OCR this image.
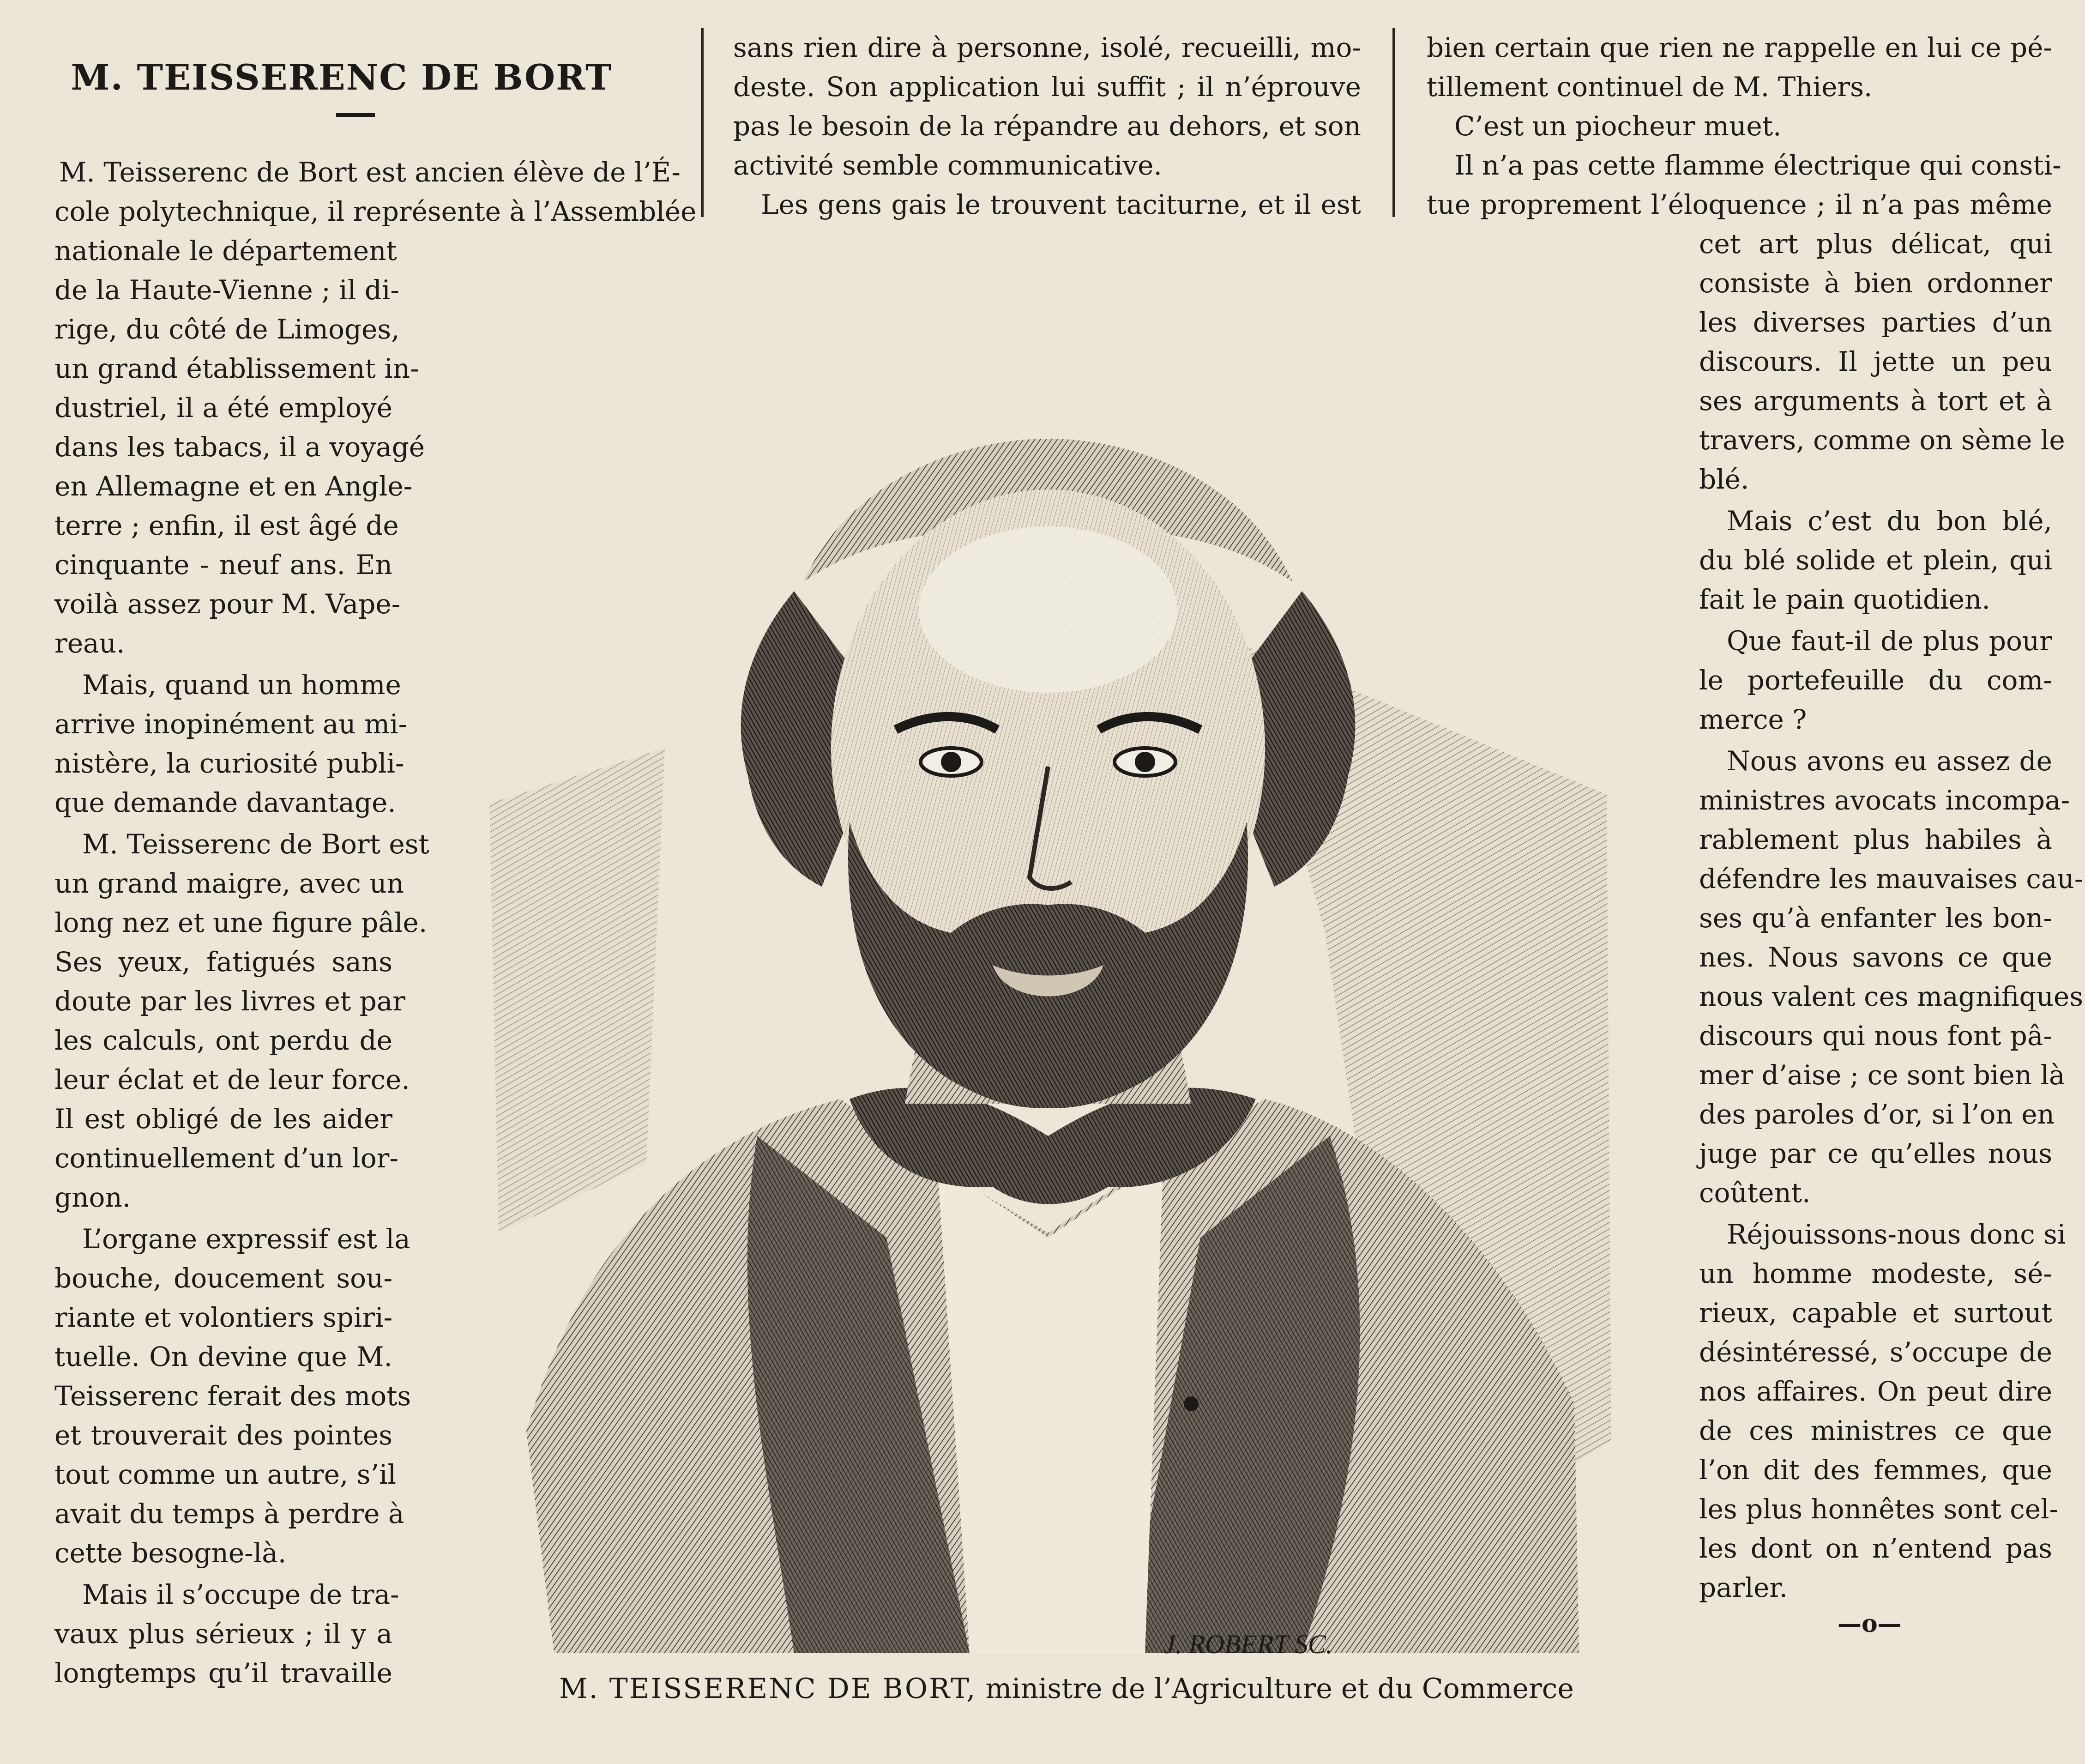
M. TEISSERENC DE BORT

M. Teisserenc de Bort est ancien élève de l’É-

cole polytechnique, il représente à l’Assemblée

nationale le département

de la Haute-Vienne ; il di-

rige, du côté de Limoges,

un grand établissement in-

dustriel, il a été employé

dans les tabacs, il a voyagé

en Allemagne et en Angle-

terre ; enfin, il est âgé de

cinquante - neuf ans. En

voilà assez pour M. Vape-

reau.

Mais, quand un homme

arrive inopinément au mi-

nistère, la curiosité publi-

que demande davantage.

M. Teisserenc de Bort est

un grand maigre, avec un

long nez et une figure pâle.

Ses yeux, fatigués sans

doute par les livres et par

les calculs, ont perdu de

leur éclat et de leur force.

Il est obligé de les aider

continuellement d’un lor-

gnon.

L’organe expressif est la

bouche, doucement sou-

riante et volontiers spiri-

tuelle. On devine que M.

Teisserenc ferait des mots

et trouverait des pointes

tout comme un autre, s’il

avait du temps à perdre à

cette besogne-là.

Mais il s’occupe de tra-

vaux plus sérieux ; il y a

longtemps qu’il travaille

sans rien dire à personne, isolé, recueilli, mo-

deste. Son application lui suffit ; il n’éprouve

pas le besoin de la répandre au dehors, et son

activité semble communicative.

Les gens gais le trouvent taciturne, et il est

bien certain que rien ne rappelle en lui ce pé-

tillement continuel de M. Thiers.

C’est un piocheur muet.

Il n’a pas cette flamme électrique qui consti-

tue proprement l’éloquence ; il n’a pas même

cet art plus délicat, qui

consiste à bien ordonner

les diverses parties d’un

discours. Il jette un peu

ses arguments à tort et à

travers, comme on sème le

blé.

Mais c’est du bon blé,

du blé solide et plein, qui

fait le pain quotidien.

Que faut-il de plus pour

le portefeuille du com-

merce ?

Nous avons eu assez de

ministres avocats incompa-

rablement plus habiles à

défendre les mauvaises cau-

ses qu’à enfanter les bon-

nes. Nous savons ce que

nous valent ces magnifiques

discours qui nous font pâ-

mer d’aise ; ce sont bien là

des paroles d’or, si l’on en

juge par ce qu’elles nous

coûtent.

Réjouissons-nous donc si

un homme modeste, sé-

rieux, capable et surtout

désintéressé, s’occupe de

nos affaires. On peut dire

de ces ministres ce que

l’on dit des femmes, que

les plus honnêtes sont cel-

les dont on n’entend pas

parler.

—o—
J. ROBERT SC.
M. TEISSERENC DE BORT, ministre de l’Agriculture et du Commerce
